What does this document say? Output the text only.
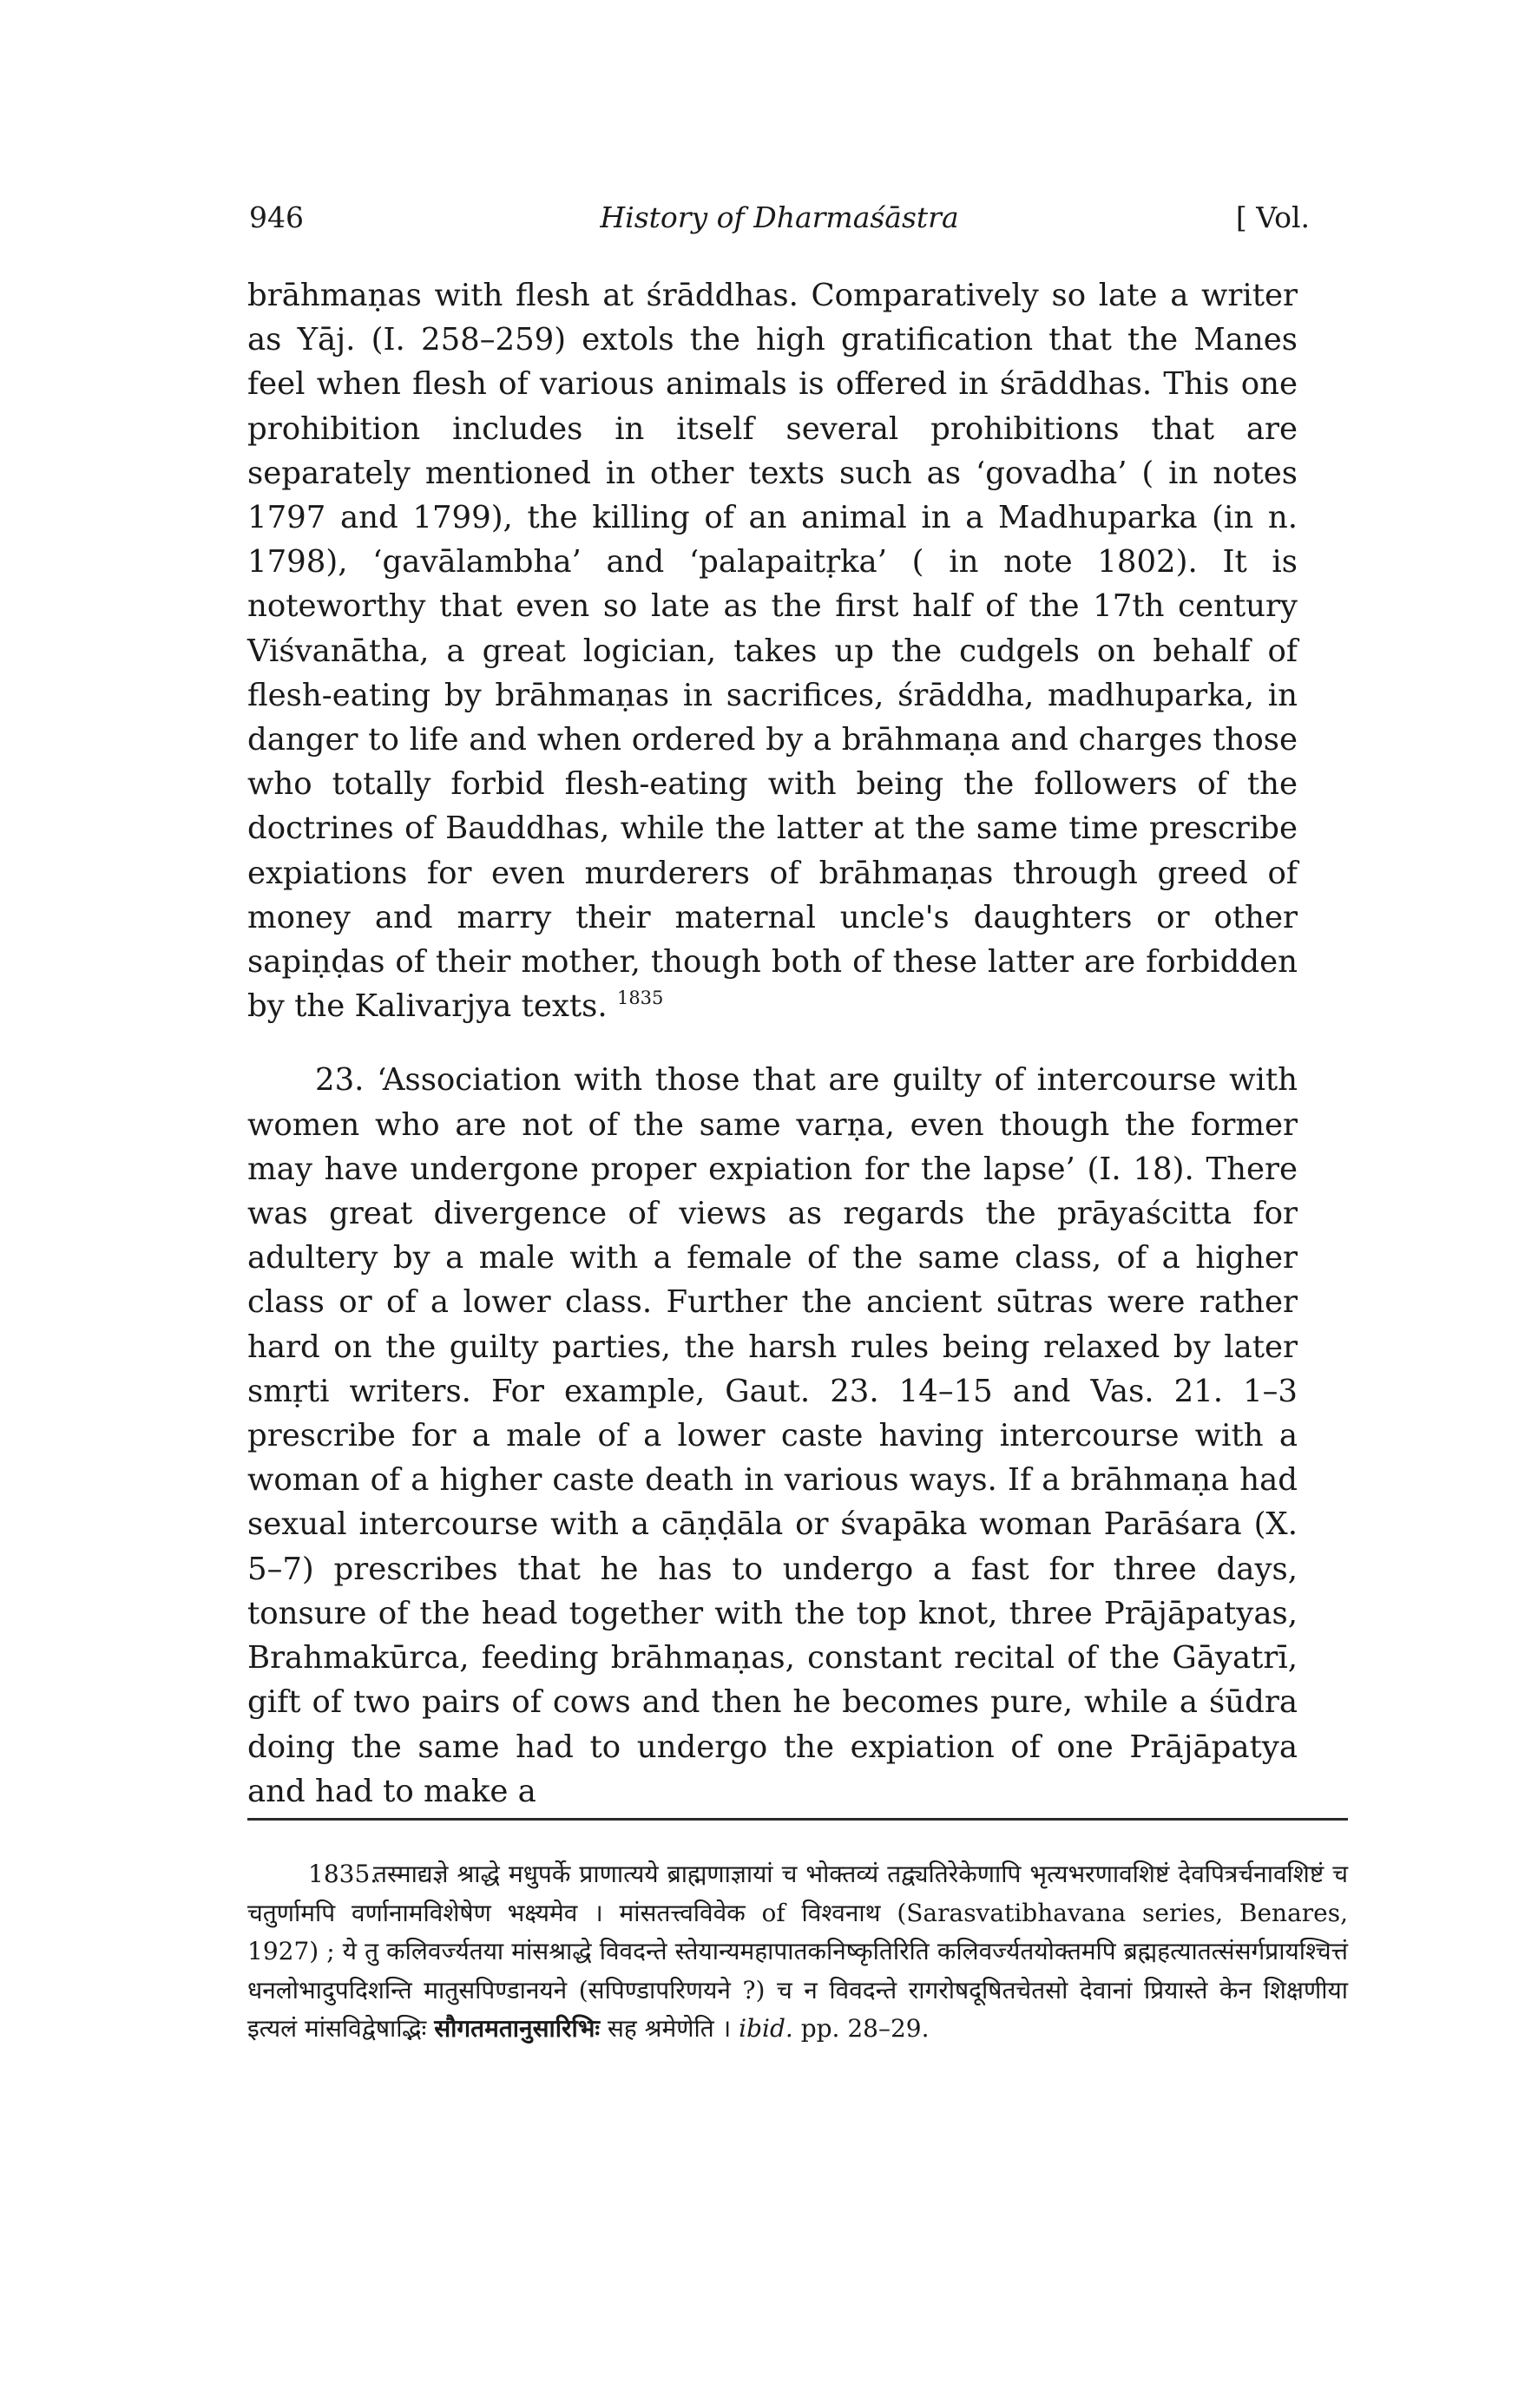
946	History of Dharmaśāstra	[ Vol.

brāhmaṇas with flesh at śrāddhas. Comparatively so late a writer as Yāj. (I. 258–259) extols the high gratification that the Manes feel when flesh of various animals is offered in śrāddhas. This one prohibition includes in itself several prohibitions that are separately mentioned in other texts such as ‘govadha’ ( in notes 1797 and 1799), the killing of an animal in a Madhuparka (in n. 1798), ‘gavālambha’ and ‘palapaitṛka’ ( in note 1802). It is noteworthy that even so late as the first half of the 17th century Viśvanātha, a great logician, takes up the cudgels on behalf of flesh-eating by brāhmaṇas in sacrifices, śrāddha, madhuparka, in danger to life and when ordered by a brāhmaṇa and charges those who totally forbid flesh-eating with being the followers of the doctrines of Bauddhas, while the latter at the same time prescribe expiations for even murderers of brāhmaṇas through greed of money and marry their maternal uncle's daughters or other sapiṇḍas of their mother, though both of these latter are forbidden by the Kalivarjya texts. $^{1835}$

23. ‘Association with those that are guilty of intercourse with women who are not of the same varṇa, even though the former may have undergone proper expiation for the lapse’ (I. 18). There was great divergence of views as regards the prāyaścitta for adultery by a male with a female of the same class, of a higher class or of a lower class. Further the ancient sūtras were rather hard on the guilty parties, the harsh rules being relaxed by later smṛti writers. For example, Gaut. 23. 14–15 and Vas. 21. 1–3 prescribe for a male of a lower caste having intercourse with a woman of a higher caste death in various ways. If a brāhmaṇa had sexual intercourse with a cāṇḍāla or śvapāka woman Parāśara (X. 5–7) prescribes that he has to undergo a fast for three days, tonsure of the head together with the top knot, three Prājāpatyas, Brahmakūrca, feeding brāhmaṇas, constant recital of the Gāyatrī, gift of two pairs of cows and then he becomes pure, while a śūdra doing the same had to undergo the expiation of one Prājāpatya and had to make a

1835.तस्माद्यज्ञे श्राद्धे मधुपर्के प्राणात्यये ब्राह्मणाज्ञायां च भोक्तव्यं तद्व्यतिरेकेणापि भृत्यभरणावशिष्टं देवपित्रर्चनावशिष्टं च चतुर्णामपि वर्णानामविशेषेण भक्ष्यमेव । मांसतत्त्वविवेक of विश्वनाथ (Sarasvatibhavana series, Benares, 1927) ; ये तु कलिवर्ज्यतया मांसश्राद्धे विवदन्ते स्तेयान्यमहापातकनिष्कृतिरिति कलिवर्ज्यतयोक्तमपि ब्रह्महत्यातत्संसर्गप्रायश्चित्तं धनलोभादुपदिशन्ति मातुसपिण्डानयने (सपिण्डापरिणयने ?) च न विवदन्ते रागरोषदूषितचेतसो देवानां प्रियास्ते केन शिक्षणीया इत्यलं मांसविद्वेषाद्भिः सौगतमतानुसारिभिः सह श्रमेणेति । ibid. pp. 28–29.
